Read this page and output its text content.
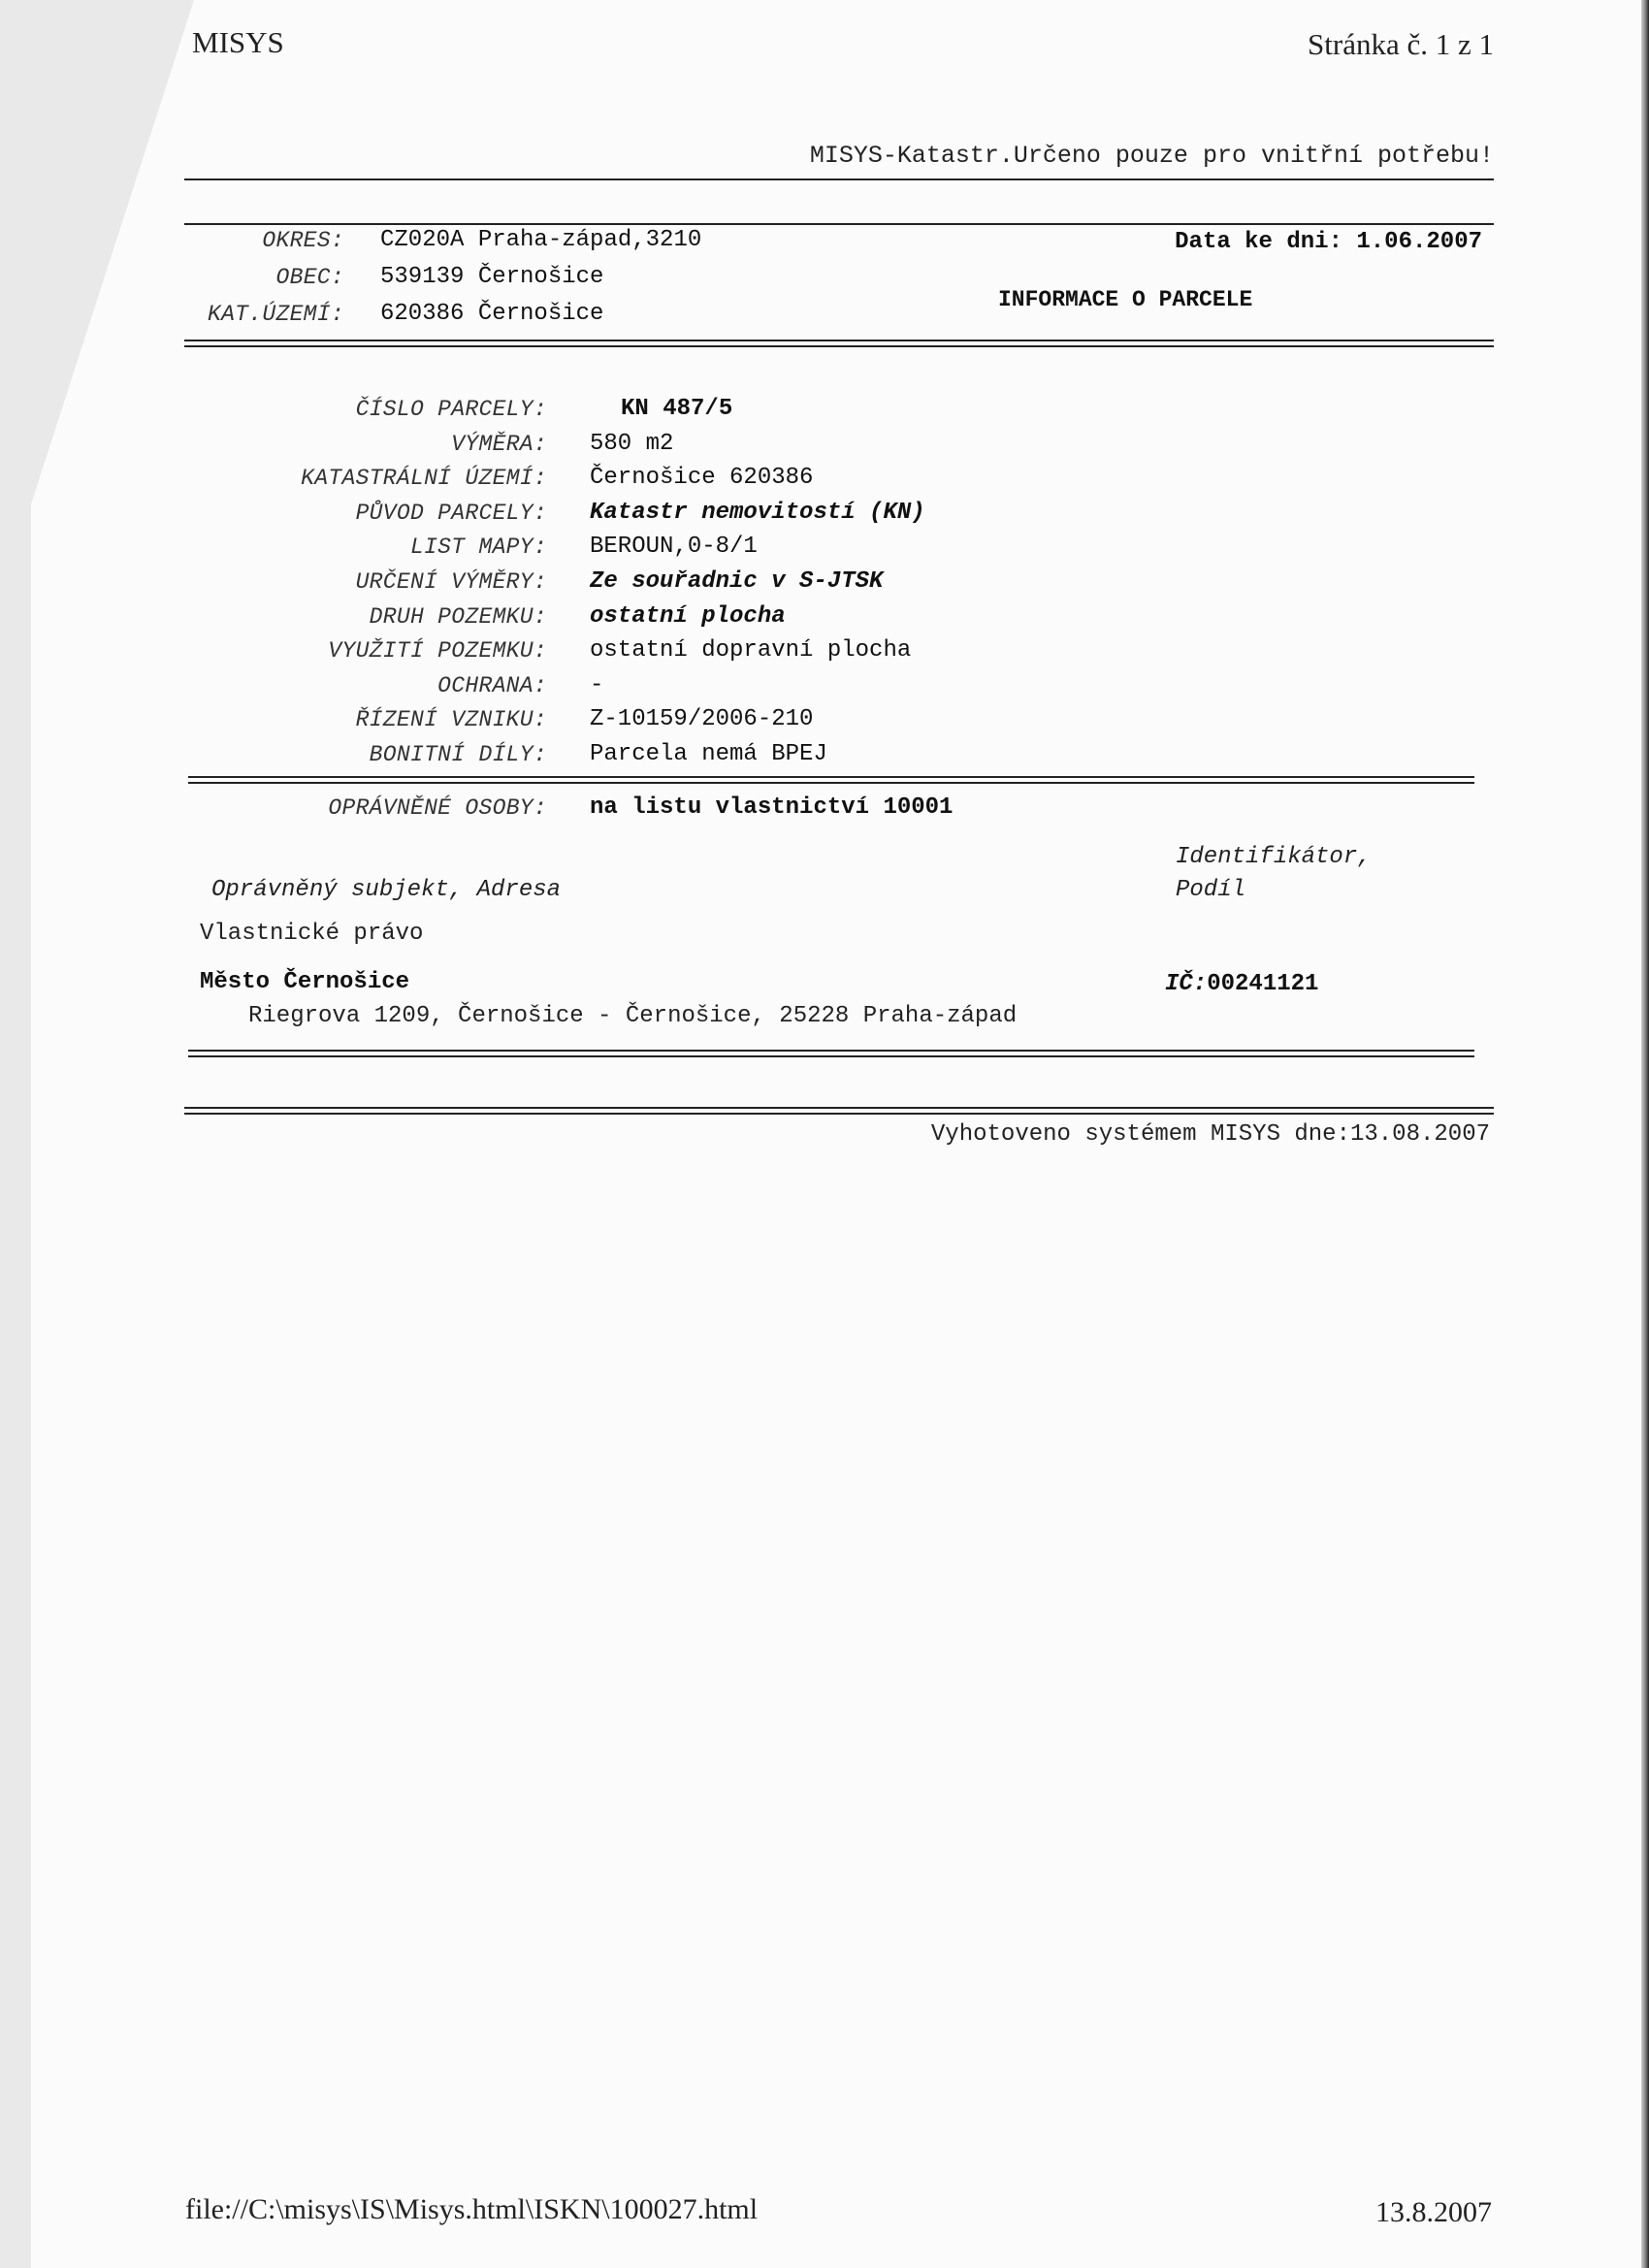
MISYS	Stránka č. 1 z 1
MISYS-Katastr.Určeno pouze pro vnitřní potřebu!
OKRES: CZ020A Praha-západ,3210
OBEC: 539139 Černošice
KAT.ÚZEMÍ: 620386 Černošice
Data ke dni: 1.06.2007
INFORMACE O PARCELE
ČÍSLO PARCELY:	KN 487/5
VÝMĚRA: 580 m2
KATASTRÁLNÍ ÚZEMÍ: Černošice 620386
PŮVOD PARCELY: Katastr nemovitostí (KN)
LIST MAPY: BEROUN,0-8/1
URČENÍ VÝMĚRY: Ze souřadnic v S-JTSK
DRUH POZEMKU: ostatní plocha
VYUŽITÍ POZEMKU: ostatní dopravní plocha
OCHRANA: -
ŘÍZENÍ VZNIKU: Z-10159/2006-210
BONITNÍ DÍLY: Parcela nemá BPEJ
OPRÁVNĚNÉ OSOBY: na listu vlastnictví 10001
Oprávněný subjekt, Adresa
Identifikátor,
Podíl
Vlastnické právo
Město Černošice	IČ:00241121
Riegrova 1209, Černošice - Černošice, 25228 Praha-západ
Vyhotoveno systémem MISYS dne:13.08.2007
file://C:\misys\IS\Misys.html\ISKN\100027.html	13.8.2007
